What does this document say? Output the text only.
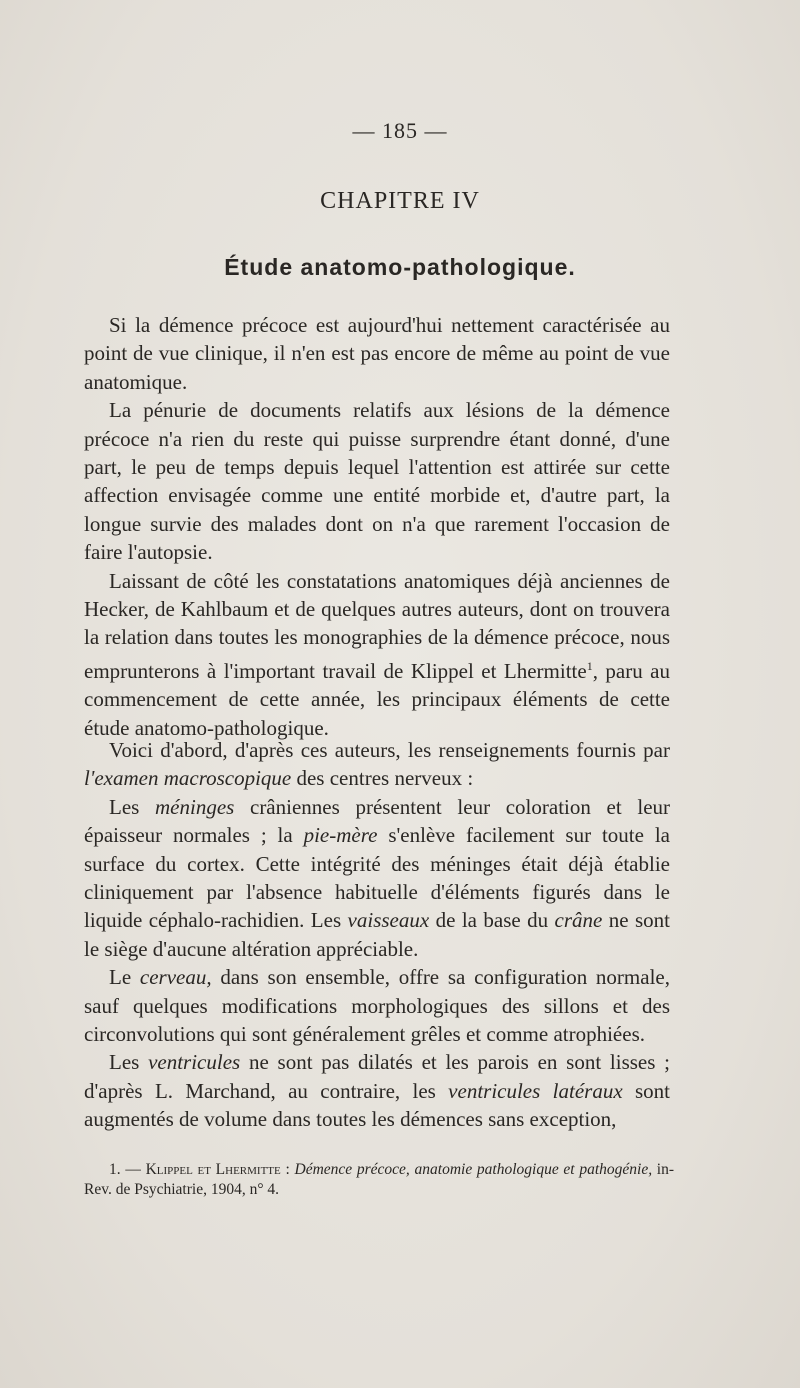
— 185 —
CHAPITRE IV
Étude anatomo-pathologique.

Si la démence précoce est aujourd'hui nettement caractérisée au point de vue clinique, il n'en est pas encore de même au point de vue anatomique.

La pénurie de documents relatifs aux lésions de la démence précoce n'a rien du reste qui puisse surprendre étant donné, d'une part, le peu de temps depuis lequel l'attention est attirée sur cette affection envisagée comme une entité morbide et, d'autre part, la longue survie des malades dont on n'a que rarement l'occasion de faire l'autopsie.

Laissant de côté les constatations anatomiques déjà anciennes de Hecker, de Kahlbaum et de quelques autres auteurs, dont on trouvera la relation dans toutes les monographies de la démence précoce, nous emprunterons à l'important travail de Klippel et Lhermitte$^1$, paru au commencement de cette année, les principaux éléments de cette étude anatomo-pathologique.

Voici d'abord, d'après ces auteurs, les renseignements fournis par l'examen macroscopique des centres nerveux :

Les méninges crâniennes présentent leur coloration et leur épaisseur normales ; la pie-mère s'enlève facilement sur toute la surface du cortex. Cette intégrité des méninges était déjà établie cliniquement par l'absence habituelle d'éléments figurés dans le liquide céphalo-rachidien. Les vaisseaux de la base du crâne ne sont le siège d'aucune altération appréciable.

Le cerveau, dans son ensemble, offre sa configuration normale, sauf quelques modifications morphologiques des sillons et des circonvolutions qui sont généralement grêles et comme atrophiées.

Les ventricules ne sont pas dilatés et les parois en sont lisses ; d'après L. Marchand, au contraire, les ventricules latéraux sont augmentés de volume dans toutes les démences sans exception,

1. — Klippel et Lhermitte : Démence précoce, anatomie pathologique et pathogénie, in-Rev. de Psychiatrie, 1904, n° 4.
